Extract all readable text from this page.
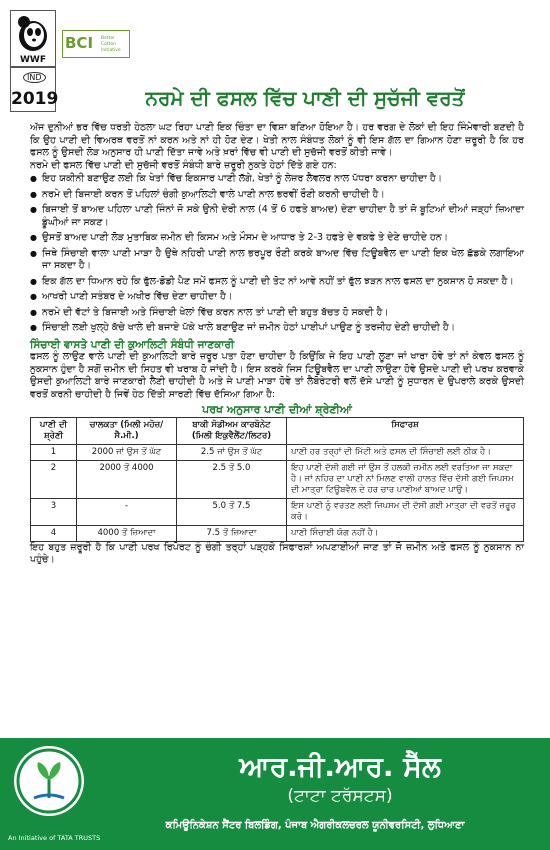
WWF
BCI Better Cotton Initiative
IND
2019	ਨਰਮੇ ਦੀ ਫਸਲ ਵਿੱਚ ਪਾਣੀ ਦੀ ਸੁਚੱਜੀ ਵਰਤੋਂ

ਅੱਜ ਦੁਨੀਆਂ ਭਰ ਵਿੱਚ ਧਰਤੀ ਹੇਠਲਾ ਘਟ ਰਿਹਾ ਪਾਣੀ ਇਕ ਚਿੰਤਾ ਦਾ ਵਿਸ਼ਾ ਬਣਿਆ ਹੋਇਆ ਹੈ। ਹਰ ਵਰਗ ਦੇ ਲੋਕਾਂ ਦੀ ਇਹ ਜਿੰਮੇਵਾਰੀ ਬਣਦੀ ਹੈ ਕਿ ਉਹ ਪਾਣੀ ਦੀ ਵਿਅਰਥ ਵਰਤੋਂ ਨਾਂ ਕਰਨ ਅਤੇ ਨਾਂ ਹੀ ਹੋਣ ਦੇਣ। ਖੇਤੀ ਨਾਲ ਸੰਬੰਧਤ ਲੋਕਾਂ ਨੂੰ ਵੀ ਇਸ ਗੱਲ ਦਾ ਗਿਆਨ ਹੋਣਾ ਜ਼ਰੂਰੀ ਹੈ ਕਿ ਹਰ ਫਸਲ ਨੂੰ ਉਸਦੀ ਲੋੜ ਅਨੁਸਾਰ ਹੀ ਪਾਣੀ ਦਿੱਤਾ ਜਾਵੇ ਅਤੇ ਖ਼ਰਾਂ ਵਿੱਚ ਵੀ ਪਾਣੀ ਦੀ ਸੁਚੱਜੀ ਵਰਤੋਂ ਕੀਤੀ ਜਾਵੇ।

ਨਰਮੇ ਦੀ ਫਸਲ ਵਿੱਚ ਪਾਣੀ ਦੀ ਸੁਚੱਜੀ ਵਰਤੋਂ ਸੰਬੰਧੀ ਬਾਰੇ ਜ਼ਰੂਰੀ ਨੁਕਤੇ ਹੇਠਾਂ ਦਿੱਤੇ ਗਏ ਹਨ:

● ਇਹ ਯਕੀਨੀ ਬਣਾਉਣ ਲਈ ਕਿ ਖੇਤਾਂ ਵਿੱਚ ਇਕਸਾਰ ਪਾਣੀ ਲੱਗੇ, ਖੇਤਾਂ ਨੂੰ ਲੇਜ਼ਰ ਲੈਵਲਰ ਨਾਲ ਪੱਧਰਾ ਕਰਨਾ ਚਾਹੀਦਾ ਹੈ।
● ਨਰਮੇ ਦੀ ਬਿਜਾਈ ਕਰਨ ਤੋਂ ਪਹਿਲਾਂ ਚੰਗੀ ਕੁਆਲਿਟੀ ਵਾਲੇ ਪਾਣੀ ਨਾਲ ਭਰਵੀਂ ਰੌਣੀ ਕਰਨੀ ਚਾਹੀਦੀ ਹੈ।
● ਬਿਜਾਈ ਤੋਂ ਬਾਅਦ ਪਹਿਲਾ ਪਾਣੀ ਜਿੰਨਾਂ ਜੋ ਸਕੇ ਉਨੀ ਦੇਰੀ ਨਾਲ (4 ਤੋਂ 6 ਹਫਤੇ ਬਾਅਦ) ਦੇਣਾ ਚਾਹੀਦਾ ਹੈ ਤਾਂ ਜੋ ਬੂਟਿਆਂ ਦੀਆਂ ਜੜ੍ਹਾਂ ਜ਼ਿਆਦਾ ਡੂੰਘੀਆਂ ਜਾ ਸਕਣ।
● ਉਸਤੋਂ ਬਾਅਦ ਪਾਣੀ ਲੋੜ ਮੁਤਾਬਿਕ ਜ਼ਮੀਨ ਦੀ ਕਿਸਮ ਅਤੇ ਮੌਸਮ ਦੇ ਆਧਾਰ ਤੇ 2-3 ਹਫਤੇ ਦੇ ਵਕਫੇ ਤੇ ਦੇਣੇ ਚਾਹੀਦੇ ਹਨ।
● ਜਿਥੇ ਸਿੰਚਾਈ ਵਾਲਾ ਪਾਣੀ ਮਾੜਾ ਹੈ ਉਥੇ ਨਹਿਰੀ ਪਾਣੀ ਨਾਲ ਭਰਪੂਰ ਰੌਣੀ ਕਰਕੇ ਬਾਅਦ ਵਿੱਚ ਟਿਊਬਵੈਲ ਦਾ ਪਾਣੀ ਇਕ ਖੇਲ ਛੱਡਕੇ ਲਗਾਇਆ ਜਾ ਸਕਦਾ ਹੈ।
● ਇਕ ਗੱਲ ਦਾ ਧਿਆਨ ਰਹੇ ਕਿ ਫੁੱਲ-ਡੋਡੀ ਪੈਣ ਸਮੇਂ ਫਸਲ ਨੂੰ ਪਾਣੀ ਦੀ ਤੋਟ ਨਾਂ ਆਵੇ ਨਹੀਂ ਤਾਂ ਫੁੱਲ ਝੜਨ ਨਾਲ ਫਸਲ ਦਾ ਨੁਕਸਾਨ ਹੋ ਸਕਦਾ ਹੈ।
● ਆਖਰੀ ਪਾਣੀ ਸਤੰਬਰ ਦੇ ਅਖੀਰ ਵਿੱਚ ਦੇਣਾ ਚਾਹੀਦਾ ਹੈ।
● ਨਰਮੇ ਦੀ ਵੱਟਾਂ ਤੇ ਬਿਜਾਈ ਅਤੇ ਸਿੰਚਾਈ ਖੇਲਾਂ ਵਿੱਚ ਕਰਨ ਨਾਲ ਤਾਂ ਪਾਣੀ ਦੀ ਬਹੁਤ ਬੱਚਤ ਹੋ ਸਕਦੀ ਹੈ।
● ਸਿੰਚਾਈ ਲਈ ਖੁਲ੍ਹੇ ਕੱਚੇ ਖਾਲੇ ਦੀ ਬਜਾਏ ਪੱਕੇ ਖਾਲੇ ਬਣਾਉਣ ਜਾਂ ਜ਼ਮੀਨ ਹੇਠਾਂ ਪਾਈਪਾਂ ਪਾਉਣ ਨੂੰ ਤਰਜੀਹ ਦੇਣੀ ਚਾਹੀਦੀ ਹੈ।
ਸਿੰਚਾਈ ਵਾਸਤੇ ਪਾਣੀ ਦੀ ਕੁਆਲਿਟੀ ਸੰਬੰਧੀ ਜਾਣਕਾਰੀ

ਫਸਲ ਨੂੰ ਲਾਉਣ ਵਾਲੇ ਪਾਣੀ ਦੀ ਕੁਆਲਿਟੀ ਬਾਰੇ ਜ਼ਰੂਰ ਪਤਾ ਹੋਣਾ ਚਾਹੀਦਾ ਹੈ ਕਿਉਂਕਿ ਜੇ ਇਹ ਪਾਣੀ ਲੂਣਾ ਜਾਂ ਖਾਰਾ ਹੋਵੇ ਤਾਂ ਨਾਂ ਕੇਵਲ ਫਸਲ ਨੂੰ ਨੁਕਸਾਨ ਹੁੰਦਾ ਹੈ ਸਗੋਂ ਜ਼ਮੀਨ ਦੀ ਸਿਹਤ ਵੀ ਖਰਾਬ ਹੋ ਜਾਂਦੀ ਹੈ। ਇਸ ਕਰਕੇ ਜਿਸ ਟਿਊਬਵੈਲ ਦਾ ਪਾਣੀ ਲਾਉਣਾ ਹੋਵੇ ਉਸਦੇ ਪਾਣੀ ਦੀ ਪਰਖ ਕਰਵਾਕੇ ਉਸਦੀ ਕੁਆਲਿਟੀ ਬਾਰੇ ਜਾਣਕਾਰੀ ਲੈਣੀ ਚਾਹੀਦੀ ਹੈ ਅਤੇ ਜੇ ਪਾਣੀ ਮਾੜਾ ਹੋਵੇ ਤਾਂ ਲੈਬੋਰੇਟਰੀ ਵਲੋਂ ਦੱਸੇ ਪਾਣੀ ਨੂੰ ਸੁਧਾਰਨ ਦੇ ਉਪਰਾਲੇ ਕਰਕੇ ਉਸਦੀ ਵਰਤੋਂ ਕਰਨੀ ਚਾਹੀਦੀ ਹੈ ਜਿਵੇਂ ਹੇਠ ਦਿੱਤੀ ਸਾਰਣੀ ਵਿੱਚ ਦੱਸਿਆ ਗਿਆ ਹੈ:

ਪਰਖ ਅਨੁਸਾਰ ਪਾਣੀ ਦੀਆਂ ਸ਼੍ਰੇਣੀਆਂ
ਪਾਣੀ ਦੀ ਸ਼੍ਰੇਣੀ	ਚਾਲਕਤਾ (ਮਿਲੀ ਮਹੋਜ਼/ਸੈ.ਮੀ.)	ਬਾਕੀ ਸੋਡੀਅਮ ਕਾਰਬੋਨੇਟ (ਮਿਲੀ ਇਕੁਵੈਲੈਂਟ/ਲਿਟਰ)	ਸਿਫਾਰਸ਼
1	2000 ਜਾਂ ਉਸ ਤੋਂ ਘੱਟ	2.5 ਜਾਂ ਉਸ ਤੋਂ ਘੱਟ	ਪਾਣੀ ਹਰ ਤਰ੍ਹਾਂ ਦੀ ਮਿੱਟੀ ਅਤੇ ਫਸਲ ਦੀ ਸਿੰਚਾਈ ਲਈ ਠੀਕ ਹੈ।
2	2000 ਤੋਂ 4000	2.5 ਤੋਂ 5.0	ਇਹ ਪਾਣੀ ਦੱਸੀ ਗਈ ਜਾਂ ਉਸ ਤੋਂ ਹਲਕੀ ਜ਼ਮੀਨ ਲਈ ਵਰਤਿਆ ਜਾ ਸਕਦਾ ਹੈ। ਜਾਂ ਨਹਿਰ ਦਾ ਪਾਣੀ ਨਾਂ ਮਿਲਣ ਵਾਲੀ ਹਾਲਤ ਵਿੱਚ ਦੱਸੀ ਗਈ ਜਿਪਸਮ ਦੀ ਮਾਤ੍ਰਾ ਟਿਊਬਵੈਲ ਦੇ ਹਰ ਚਾਰ ਪਾਣੀਆਂ ਬਾਅਦ ਪਾਉ।
3	-	5.0 ਤੋਂ 7.5	ਇਸ ਪਾਣੀ ਨੂੰ ਵਰਤਣ ਲਈ ਜਿਪਸਮ ਦੀ ਦੱਸੀ ਗਈ ਮਾਤ੍ਰਾ ਦੀ ਵਰਤੋਂ ਜ਼ਰੂਰ ਕਰੋ।
4	4000 ਤੋਂ ਜ਼ਿਆਦਾ	7.5 ਤੋਂ ਜ਼ਿਆਦਾ	ਪਾਣੀ ਸਿੰਚਾਈ ਯੋਗ ਨਹੀਂ ਹੈ।

ਇਹ ਬਹੁਤ ਜ਼ਰੂਰੀ ਹੈ ਕਿ ਪਾਣੀ ਪਰਖ ਰਿਪੋਰਟ ਨੂੰ ਚੰਗੀ ਤਰ੍ਹਾਂ ਪੜ੍ਹਕੇ ਸਿਫਾਰਸ਼ਾਂ ਅਪਣਾਈਆਂ ਜਾਣ ਤਾਂ ਜੋ ਜ਼ਮੀਨ ਅਤੇ ਫਸਲ ਨੂੰ ਨੁਕਸਾਨ ਨਾ ਪਹੁੰਚੇ।

An Initiative of TATA TRUSTS
ਆਰ.ਜੀ.ਆਰ. ਸੈੱਲ
(ਟਾਟਾ ਟਰੱਸਟਸ)
ਕਮਿਊਨਿਕੇਸ਼ਨ ਸੈਂਟਰ ਬਿਲਡਿੰਗ, ਪੰਜਾਬ ਐਗਰੀਕਲਚਰਲ ਯੂਨੀਵਰਸਿਟੀ, ਲੁਧਿਆਣਾ
